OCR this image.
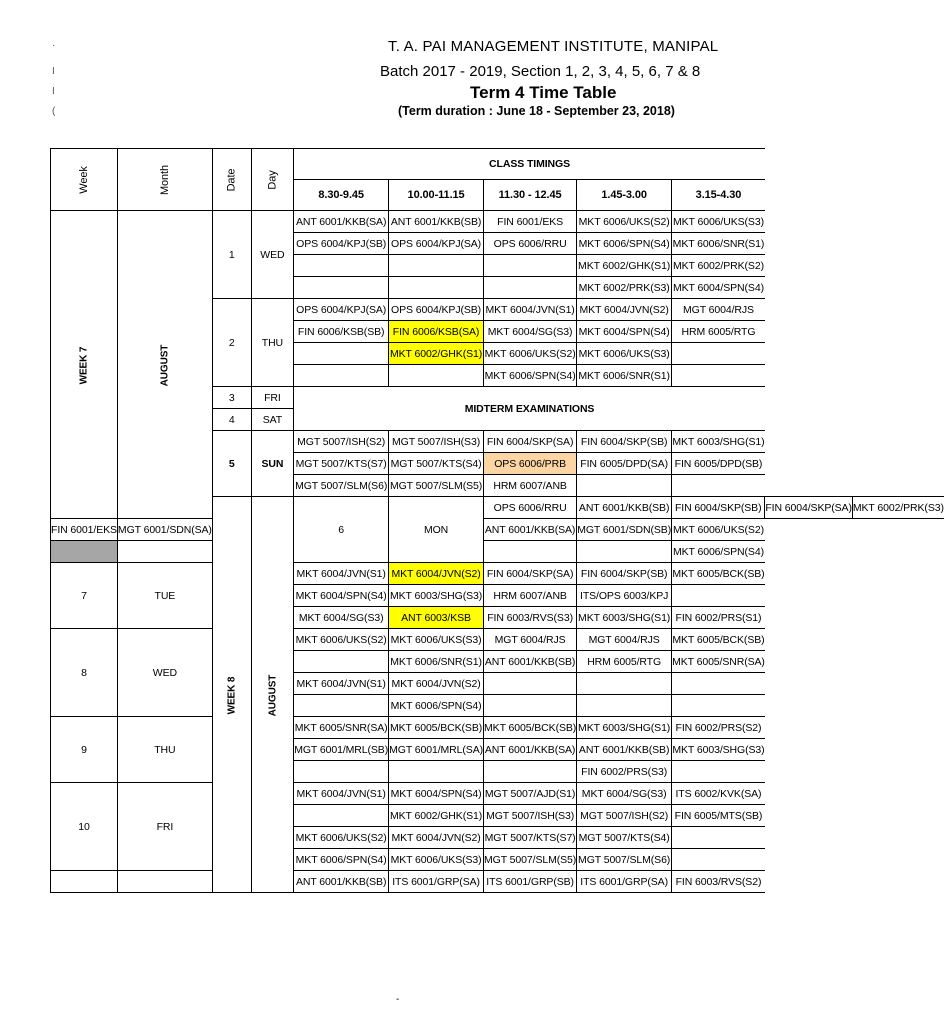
T. A. PAI MANAGEMENT INSTITUTE, MANIPAL
Batch 2017 - 2019, Section 1, 2, 3, 4, 5, 6, 7 & 8
Term 4 Time Table
(Term duration : June 18 - September 23, 2018)
·
I
I
(
Week	Month	Date	Day	CLASS TIMINGS						
				8.30-9.45	10.00-11.15	11.30 - 12.45	1.45-3.00	3.15-4.30		
WEEK 7	AUGUST	1	WED	ANT 6001/KKB(SA)	ANT 6001/KKB(SB)	FIN 6001/EKS	MKT 6006/UKS(S2)	MKT 6006/UKS(S3)		
				OPS 6004/KPJ(SB)	OPS 6004/KPJ(SA)	OPS 6006/RRU	MKT 6006/SPN(S4)	MKT 6006/SNR(S1)		
							MKT 6002/GHK(S1)	MKT 6002/PRK(S2)		
							MKT 6002/PRK(S3)	MKT 6004/SPN(S4)		
		2	THU	OPS 6004/KPJ(SA)	OPS 6004/KPJ(SB)	MKT 6004/JVN(S1)	MKT 6004/JVN(S2)	MGT 6004/RJS		
				FIN 6006/KSB(SB)	FIN 6006/KSB(SA)	MKT 6004/SG(S3)	MKT 6004/SPN(S4)	HRM 6005/RTG		
					MKT 6002/GHK(S1)	MKT 6006/UKS(S2)	MKT 6006/UKS(S3)			
						MKT 6006/SPN(S4)	MKT 6006/SNR(S1)			
		3	FRI	MIDTERM EXAMINATIONS						

		4	SAT							
		5	SUN	MGT 5007/ISH(S2)	MGT 5007/ISH(S3)	FIN 6004/SKP(SA)	FIN 6004/SKP(SB)	MKT 6003/SHG(S1)		
				MGT 5007/KTS(S7)	MGT 5007/KTS(S4)	OPS 6006/PRB	FIN 6005/DPD(SA)	FIN 6005/DPD(SB)		
				MGT 5007/SLM(S6)	MGT 5007/SLM(S5)	HRM 6007/ANB				
		WEEK 8	AUGUST	6	MON	OPS 6006/RRU	ANT 6001/KKB(SB)	FIN 6004/SKP(SB)	FIN 6004/SKP(SA)	MKT 6002/PRK(S3)
FIN 6001/EKS	MGT 6001/SDN(SA)					ANT 6001/KKB(SA)	MGT 6001/SDN(SB)	MKT 6006/UKS(S2)		
								MKT 6006/SPN(S4)		
7	TUE			MKT 6004/JVN(S1)	MKT 6004/JVN(S2)	FIN 6004/SKP(SA)	FIN 6004/SKP(SB)	MKT 6005/BCK(SB)		
				MKT 6004/SPN(S4)	MKT 6003/SHG(S3)	HRM 6007/ANB	ITS/OPS 6003/KPJ			
				MKT 6004/SG(S3)	ANT 6003/KSB	FIN 6003/RVS(S3)	MKT 6003/SHG(S1)	FIN 6002/PRS(S1)		
8	WED			MKT 6006/UKS(S2)	MKT 6006/UKS(S3)	MGT 6004/RJS	MGT 6004/RJS	MKT 6005/BCK(SB)		
					MKT 6006/SNR(S1)	ANT 6001/KKB(SB)	HRM 6005/RTG	MKT 6005/SNR(SA)		
				MKT 6004/JVN(S1)	MKT 6004/JVN(S2)					
					MKT 6006/SPN(S4)					
9	THU			MKT 6005/SNR(SA)	MKT 6005/BCK(SB)	MKT 6005/BCK(SB)	MKT 6003/SHG(S1)	FIN 6002/PRS(S2)		
				MGT 6001/MRL(SB)	MGT 6001/MRL(SA)	ANT 6001/KKB(SA)	ANT 6001/KKB(SB)	MKT 6003/SHG(S3)		
							FIN 6002/PRS(S3)			
10	FRI			MKT 6004/JVN(S1)	MKT 6004/SPN(S4)	MGT 5007/AJD(S1)	MKT 6004/SG(S3)	ITS 6002/KVK(SA)		
					MKT 6002/GHK(S1)	MGT 5007/ISH(S3)	MGT 5007/ISH(S2)	FIN 6005/MTS(SB)		
				MKT 6006/UKS(S2)	MKT 6004/JVN(S2)	MGT 5007/KTS(S7)	MGT 5007/KTS(S4)			
				MKT 6006/SPN(S4)	MKT 6006/UKS(S3)	MGT 5007/SLM(S5)	MGT 5007/SLM(S6)			
				ANT 6001/KKB(SB)	ITS 6001/GRP(SA)	ITS 6001/GRP(SB)	ITS 6001/GRP(SA)	FIN 6003/RVS(S2)		
-
